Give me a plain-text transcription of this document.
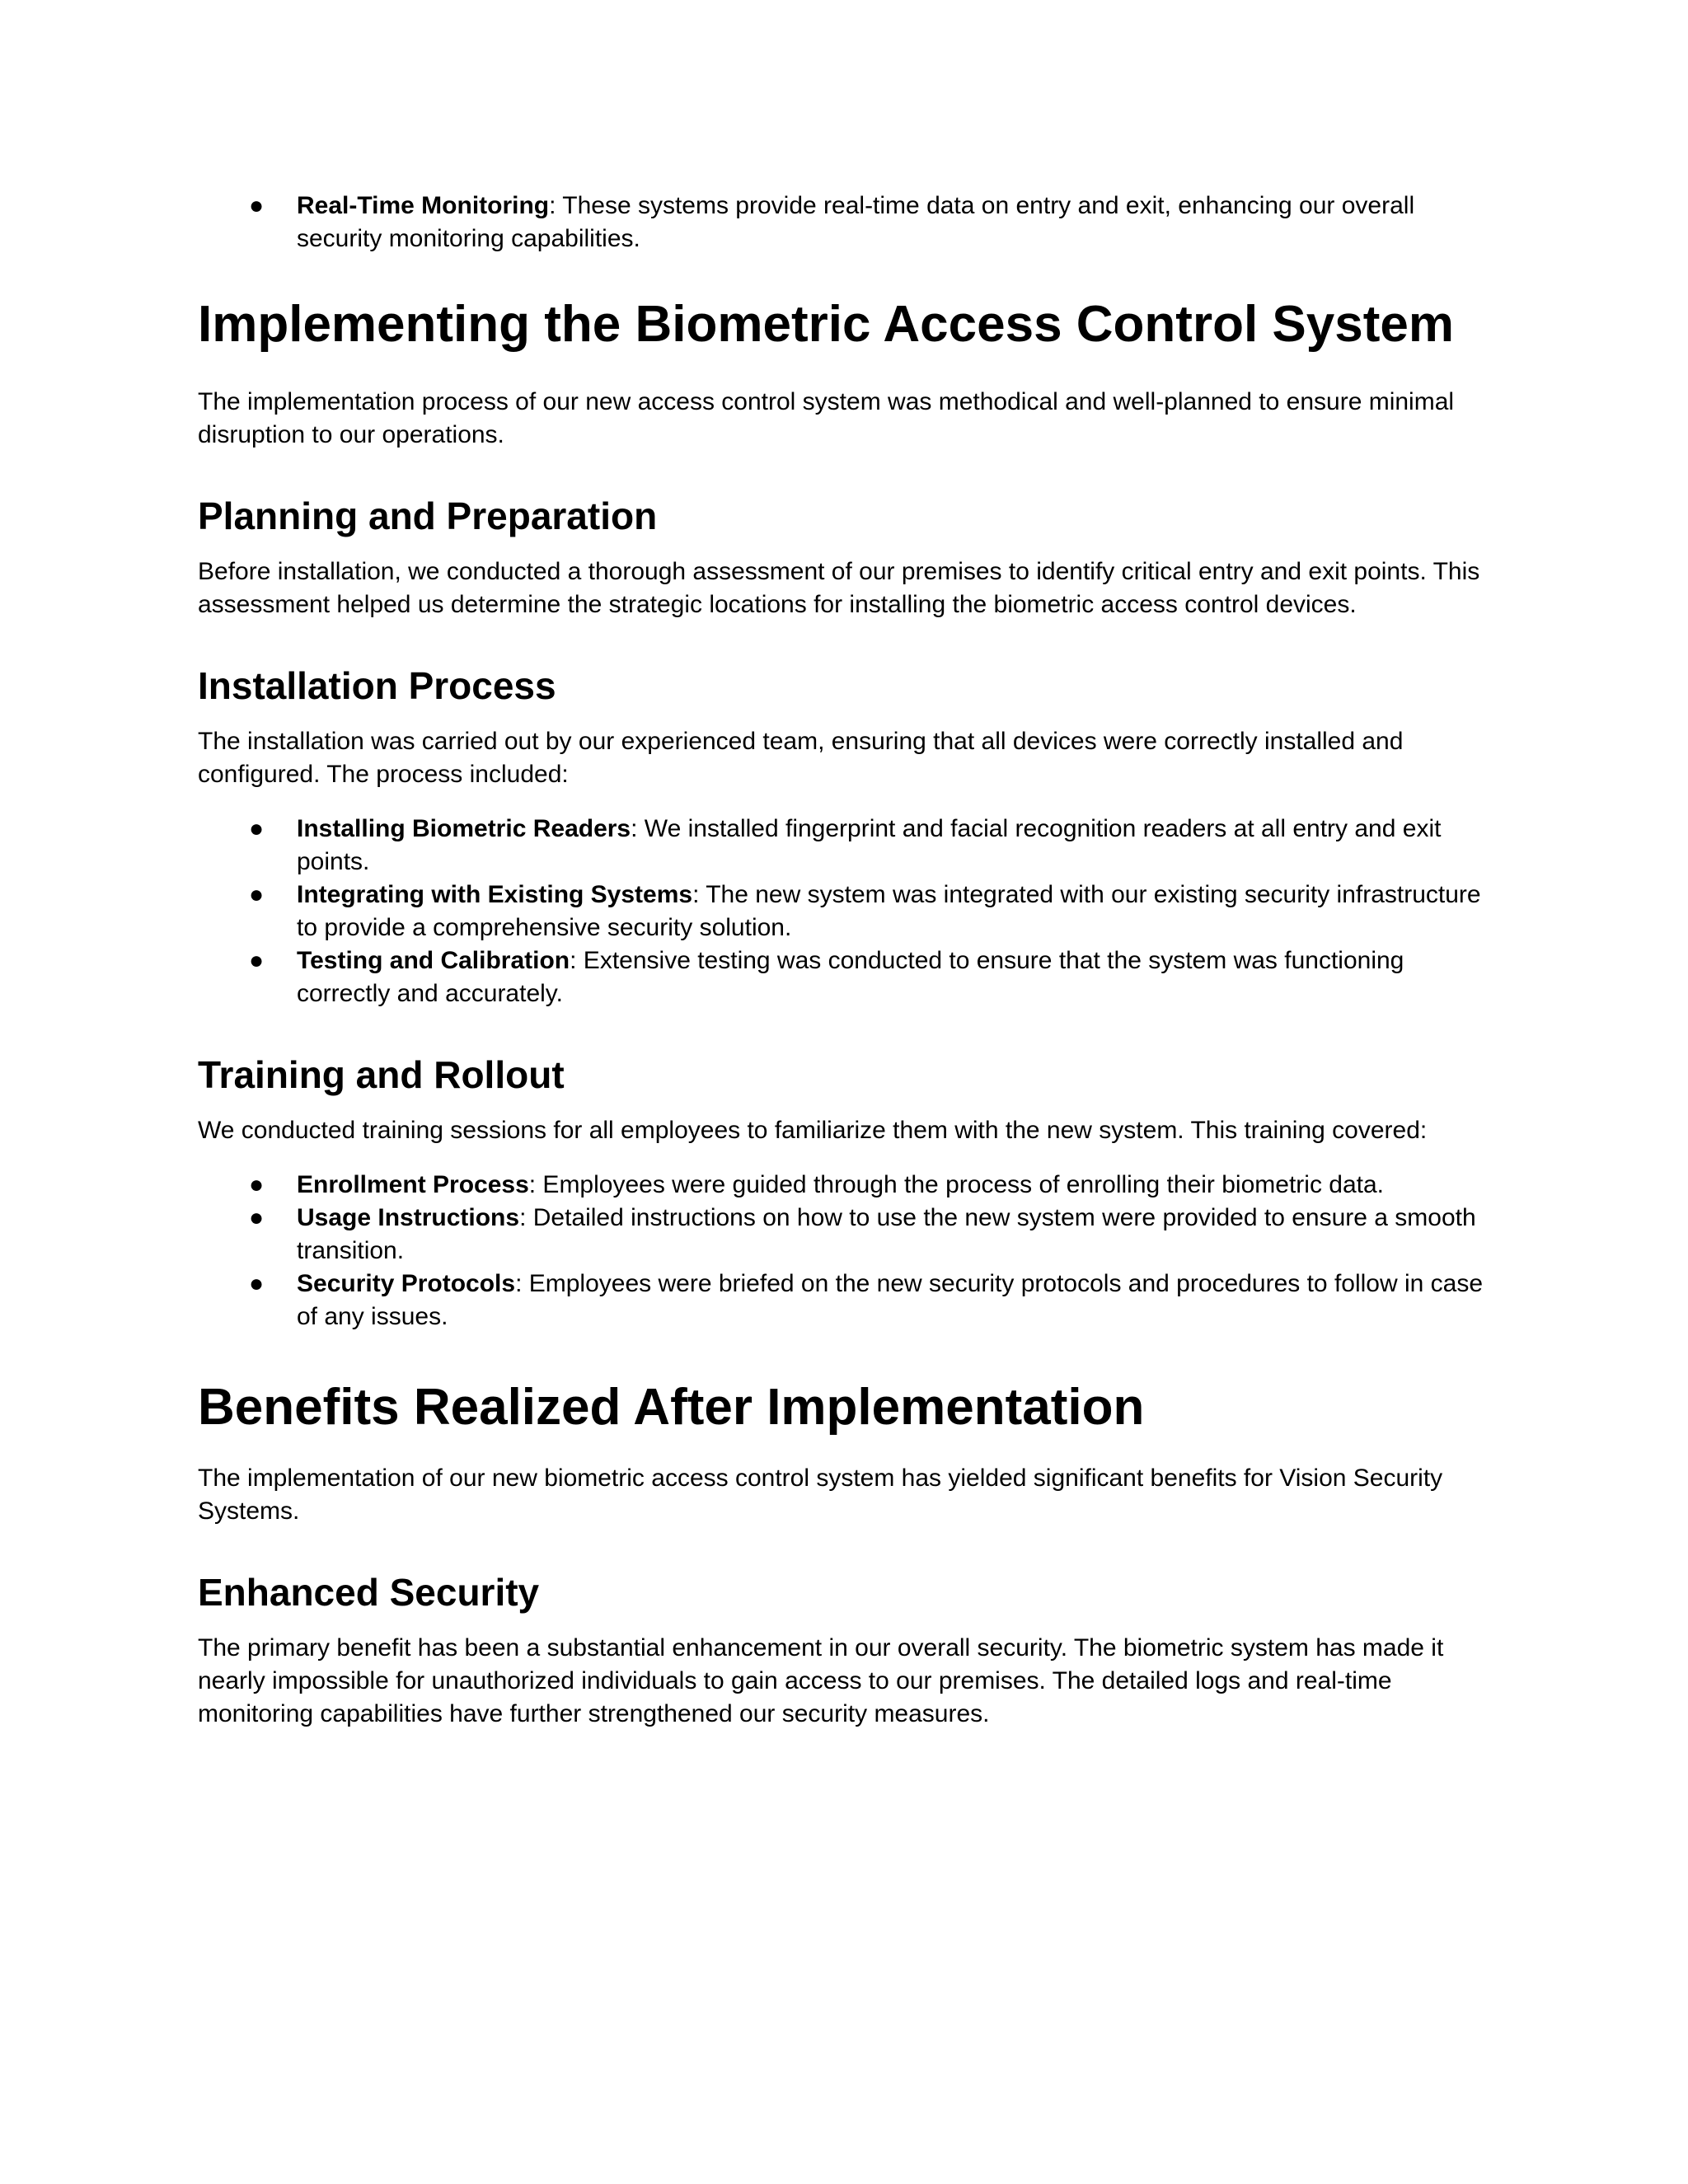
● Real-Time Monitoring: These systems provide real-time data on entry and exit, enhancing our overall security monitoring capabilities.
Implementing the Biometric Access Control System

The implementation process of our new access control system was methodical and well-planned to ensure minimal disruption to our operations.

Planning and Preparation

Before installation, we conducted a thorough assessment of our premises to identify critical entry and exit points. This assessment helped us determine the strategic locations for installing the biometric access control devices.

Installation Process

The installation was carried out by our experienced team, ensuring that all devices were correctly installed and configured. The process included:

● Installing Biometric Readers: We installed fingerprint and facial recognition readers at all entry and exit points.
● Integrating with Existing Systems: The new system was integrated with our existing security infrastructure to provide a comprehensive security solution.
● Testing and Calibration: Extensive testing was conducted to ensure that the system was functioning correctly and accurately.
Training and Rollout

We conducted training sessions for all employees to familiarize them with the new system. This training covered:

● Enrollment Process: Employees were guided through the process of enrolling their biometric data.
● Usage Instructions: Detailed instructions on how to use the new system were provided to ensure a smooth transition.
● Security Protocols: Employees were briefed on the new security protocols and procedures to follow in case of any issues.
Benefits Realized After Implementation

The implementation of our new biometric access control system has yielded significant benefits for Vision Security Systems.

Enhanced Security

The primary benefit has been a substantial enhancement in our overall security. The biometric system has made it nearly impossible for unauthorized individuals to gain access to our premises. The detailed logs and real-time monitoring capabilities have further strengthened our security measures.
